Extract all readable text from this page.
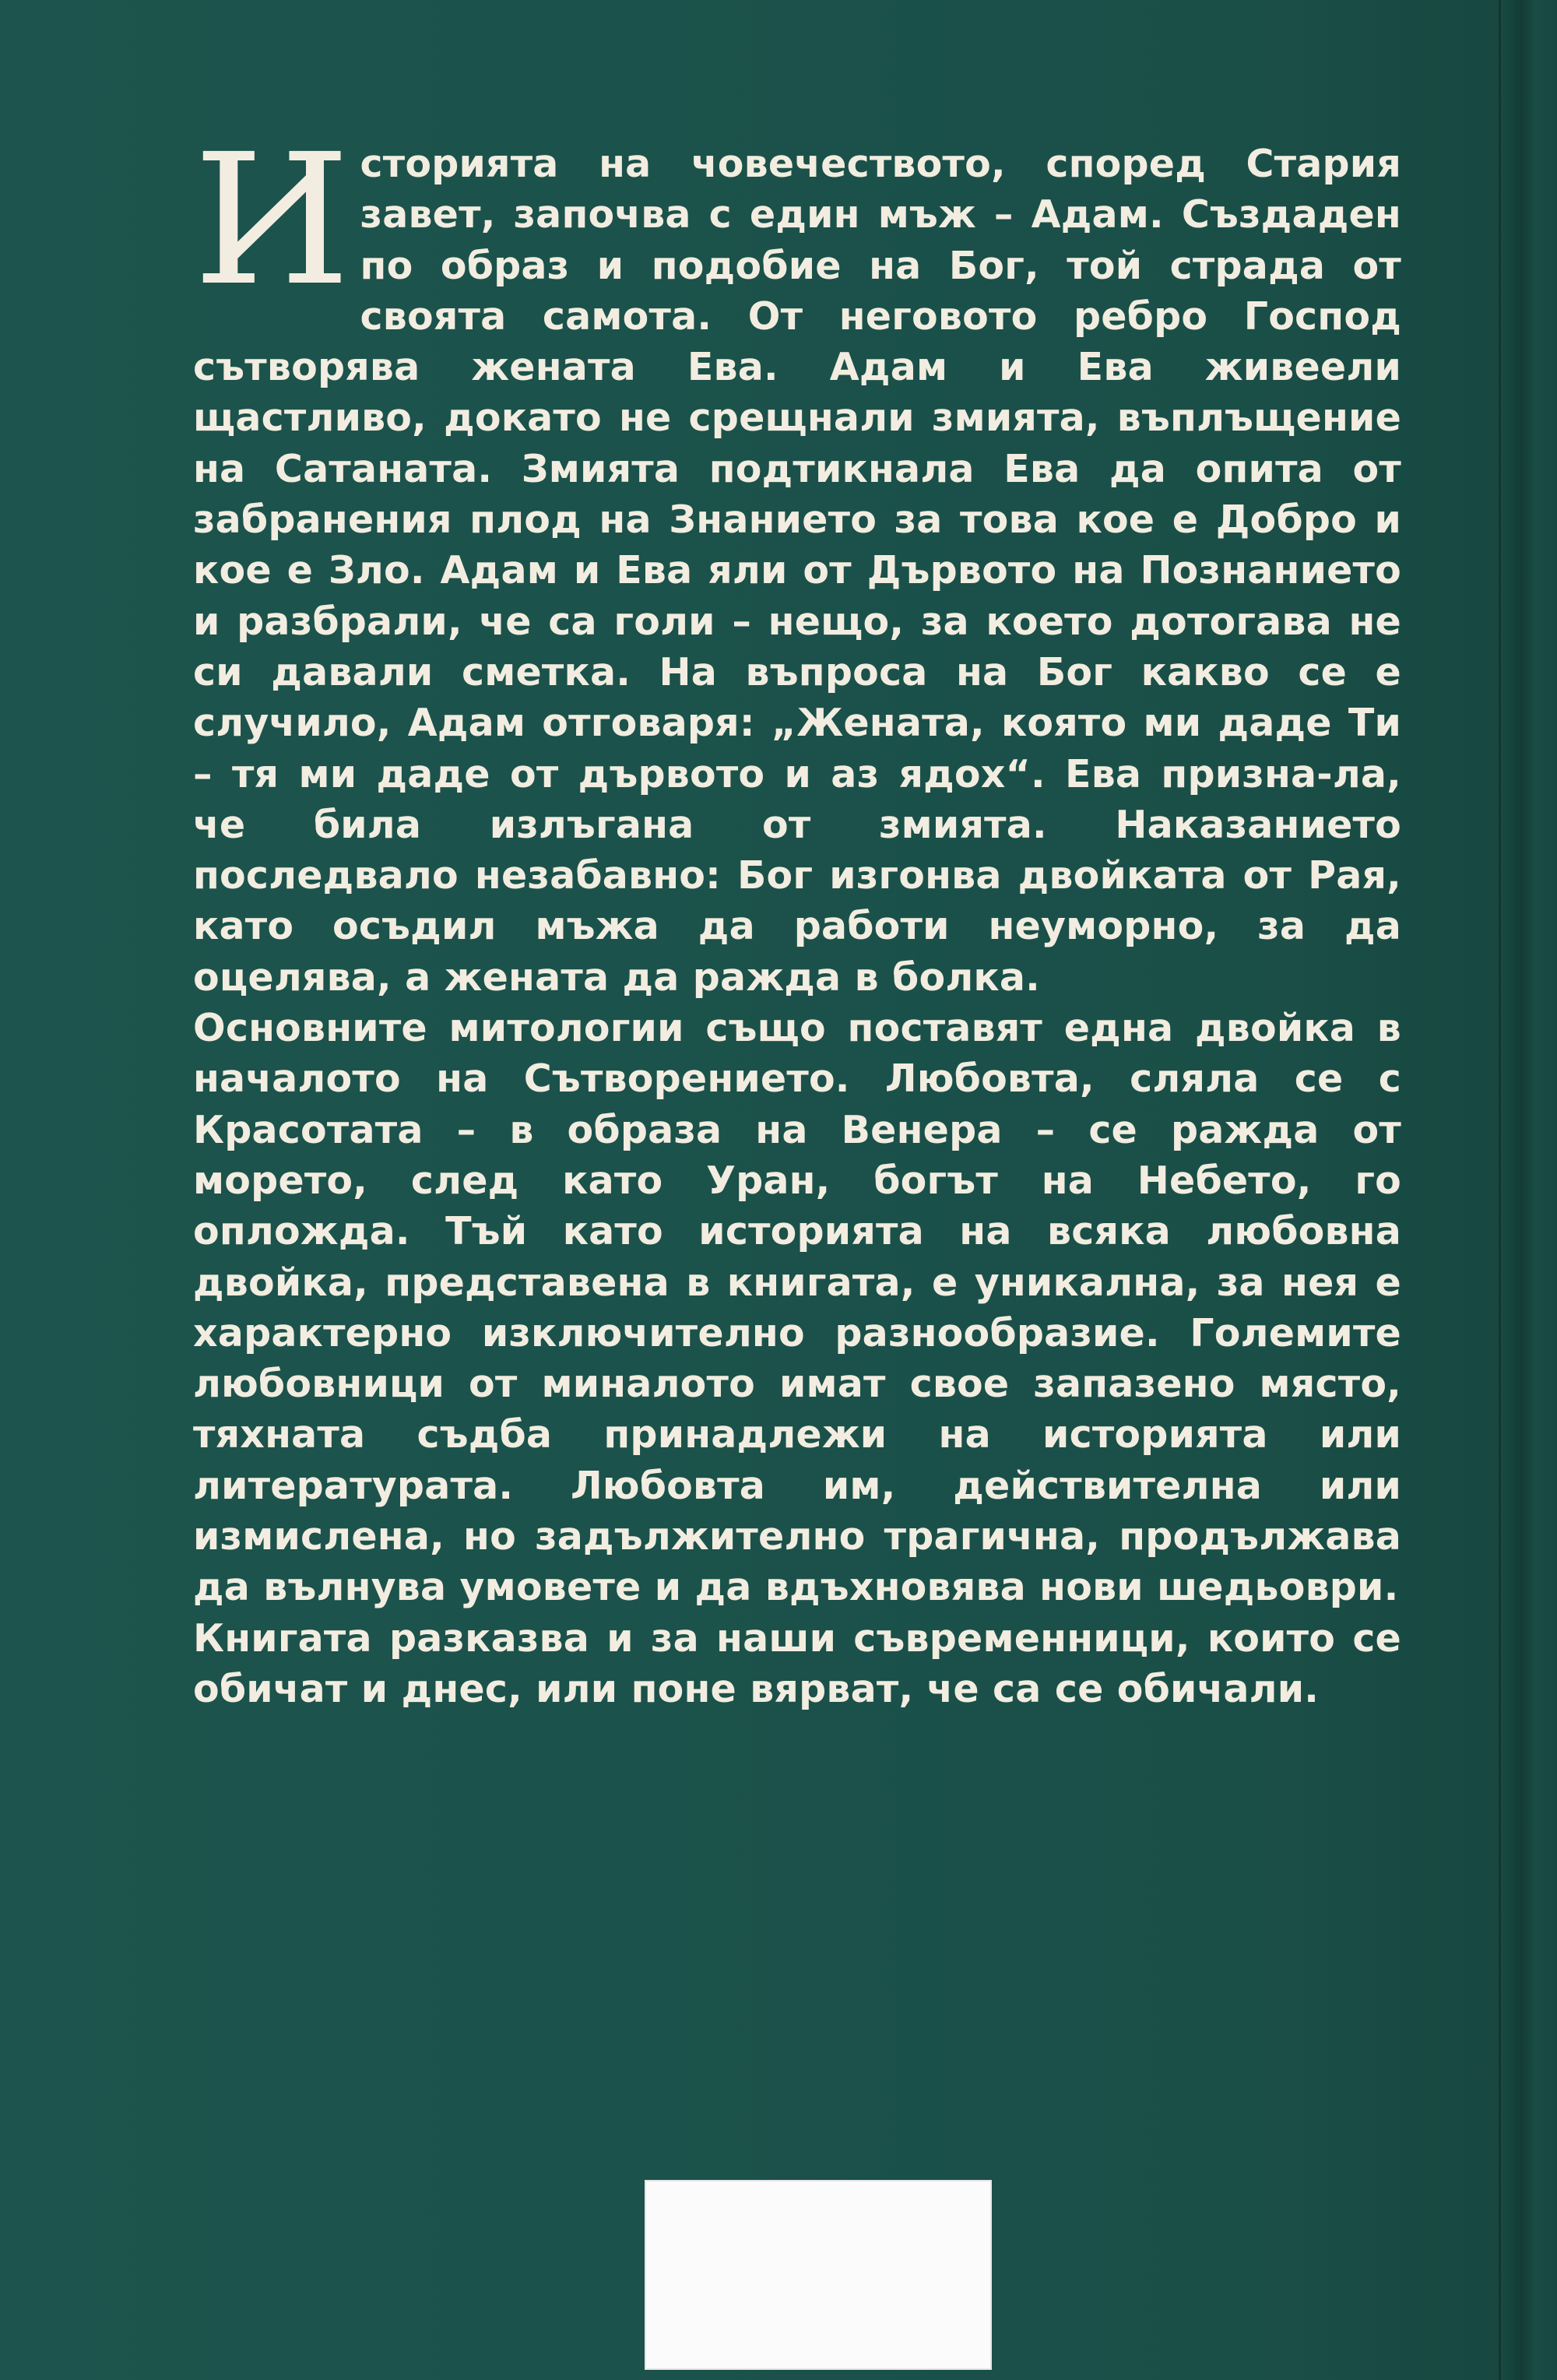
Историята на човечеството, според Стария завет, започва с един мъж – Адам. Създаден по образ и подобие на Бог, той страда от своята самота. От неговото ребро Господ сътворява жената Ева. Адам и Ева живеели щастливо, докато не срещнали змията, въплъщение на Сатаната. Змията подтикнала Ева да опита от забранения плод на Знанието за това кое е Добро и кое е Зло. Адам и Ева яли от Дървото на Познанието и разбрали, че са голи – нещо, за което дотогава не си давали сметка. На въпроса на Бог какво се е случило, Адам отговаря: „Жената, която ми даде Ти – тя ми даде от дървото и аз ядох“. Ева призна-ла, че била излъгана от змията. Наказанието последвало незабавно: Бог изгонва двойката от Рая, като осъдил мъжа да работи неуморно, за да оцелява, а жената да ражда в болка.

Основните митологии също поставят една двойка в началото на Сътворението. Любовта, сляла се с Красотата – в образа на Венера – се ражда от морето, след като Уран, богът на Небето, го опложда. Тъй като историята на всяка любовна двойка, представена в книгата, е уникална, за нея е характерно изключително разнообразие. Големите любовници от миналото имат свое запазено място, тяхната съдба принадлежи на историята или литературата. Любовта им, действителна или измислена, но задължително трагична, продължава да вълнува умовете и да вдъхновява нови шедьоври.

Книгата разказва и за наши съвременници, които се обичат и днес, или поне вярват, че са се обичали.
